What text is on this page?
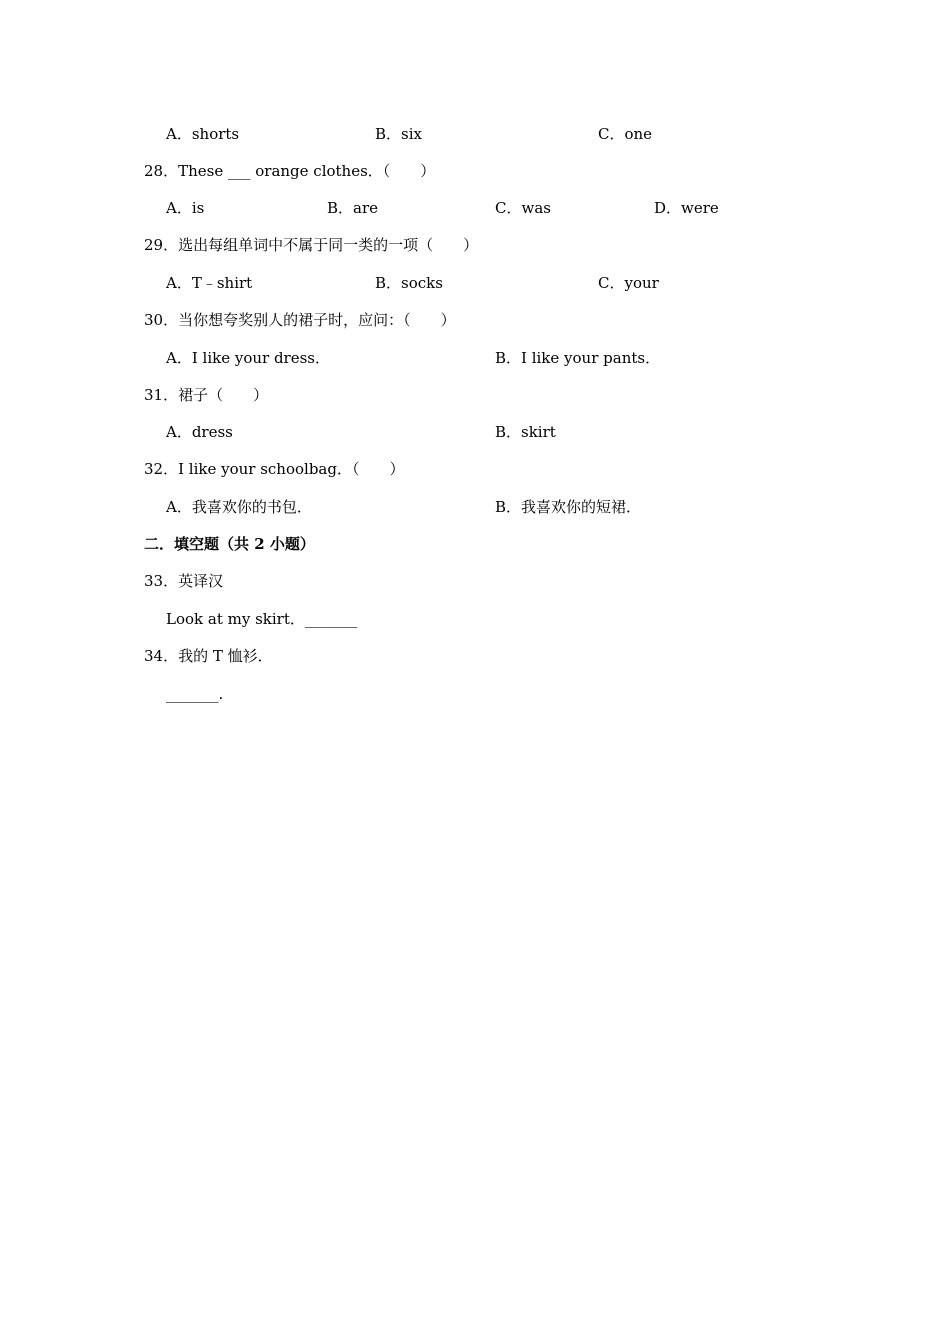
A．shorts	B．six	C．one
28．These ___ orange clothes．（　　）
A．is	B．are	C．was	D．were
29．选出每组单词中不属于同一类的一项（　　）
A．T﹣shirt	B．socks	C．your
30．当你想夸奖别人的裙子时，应问：（　　）
A．I like your dress．	B．I like your pants．
31．裙子（　　）
A．dress	B．skirt
32．I like your schoolbag．（　　）
A．我喜欢你的书包．	B．我喜欢你的短裙．
二．填空题（共 2 小题）
33．英译汉
Look at my skirt．_______
34．我的 T 恤衫．
_______.
